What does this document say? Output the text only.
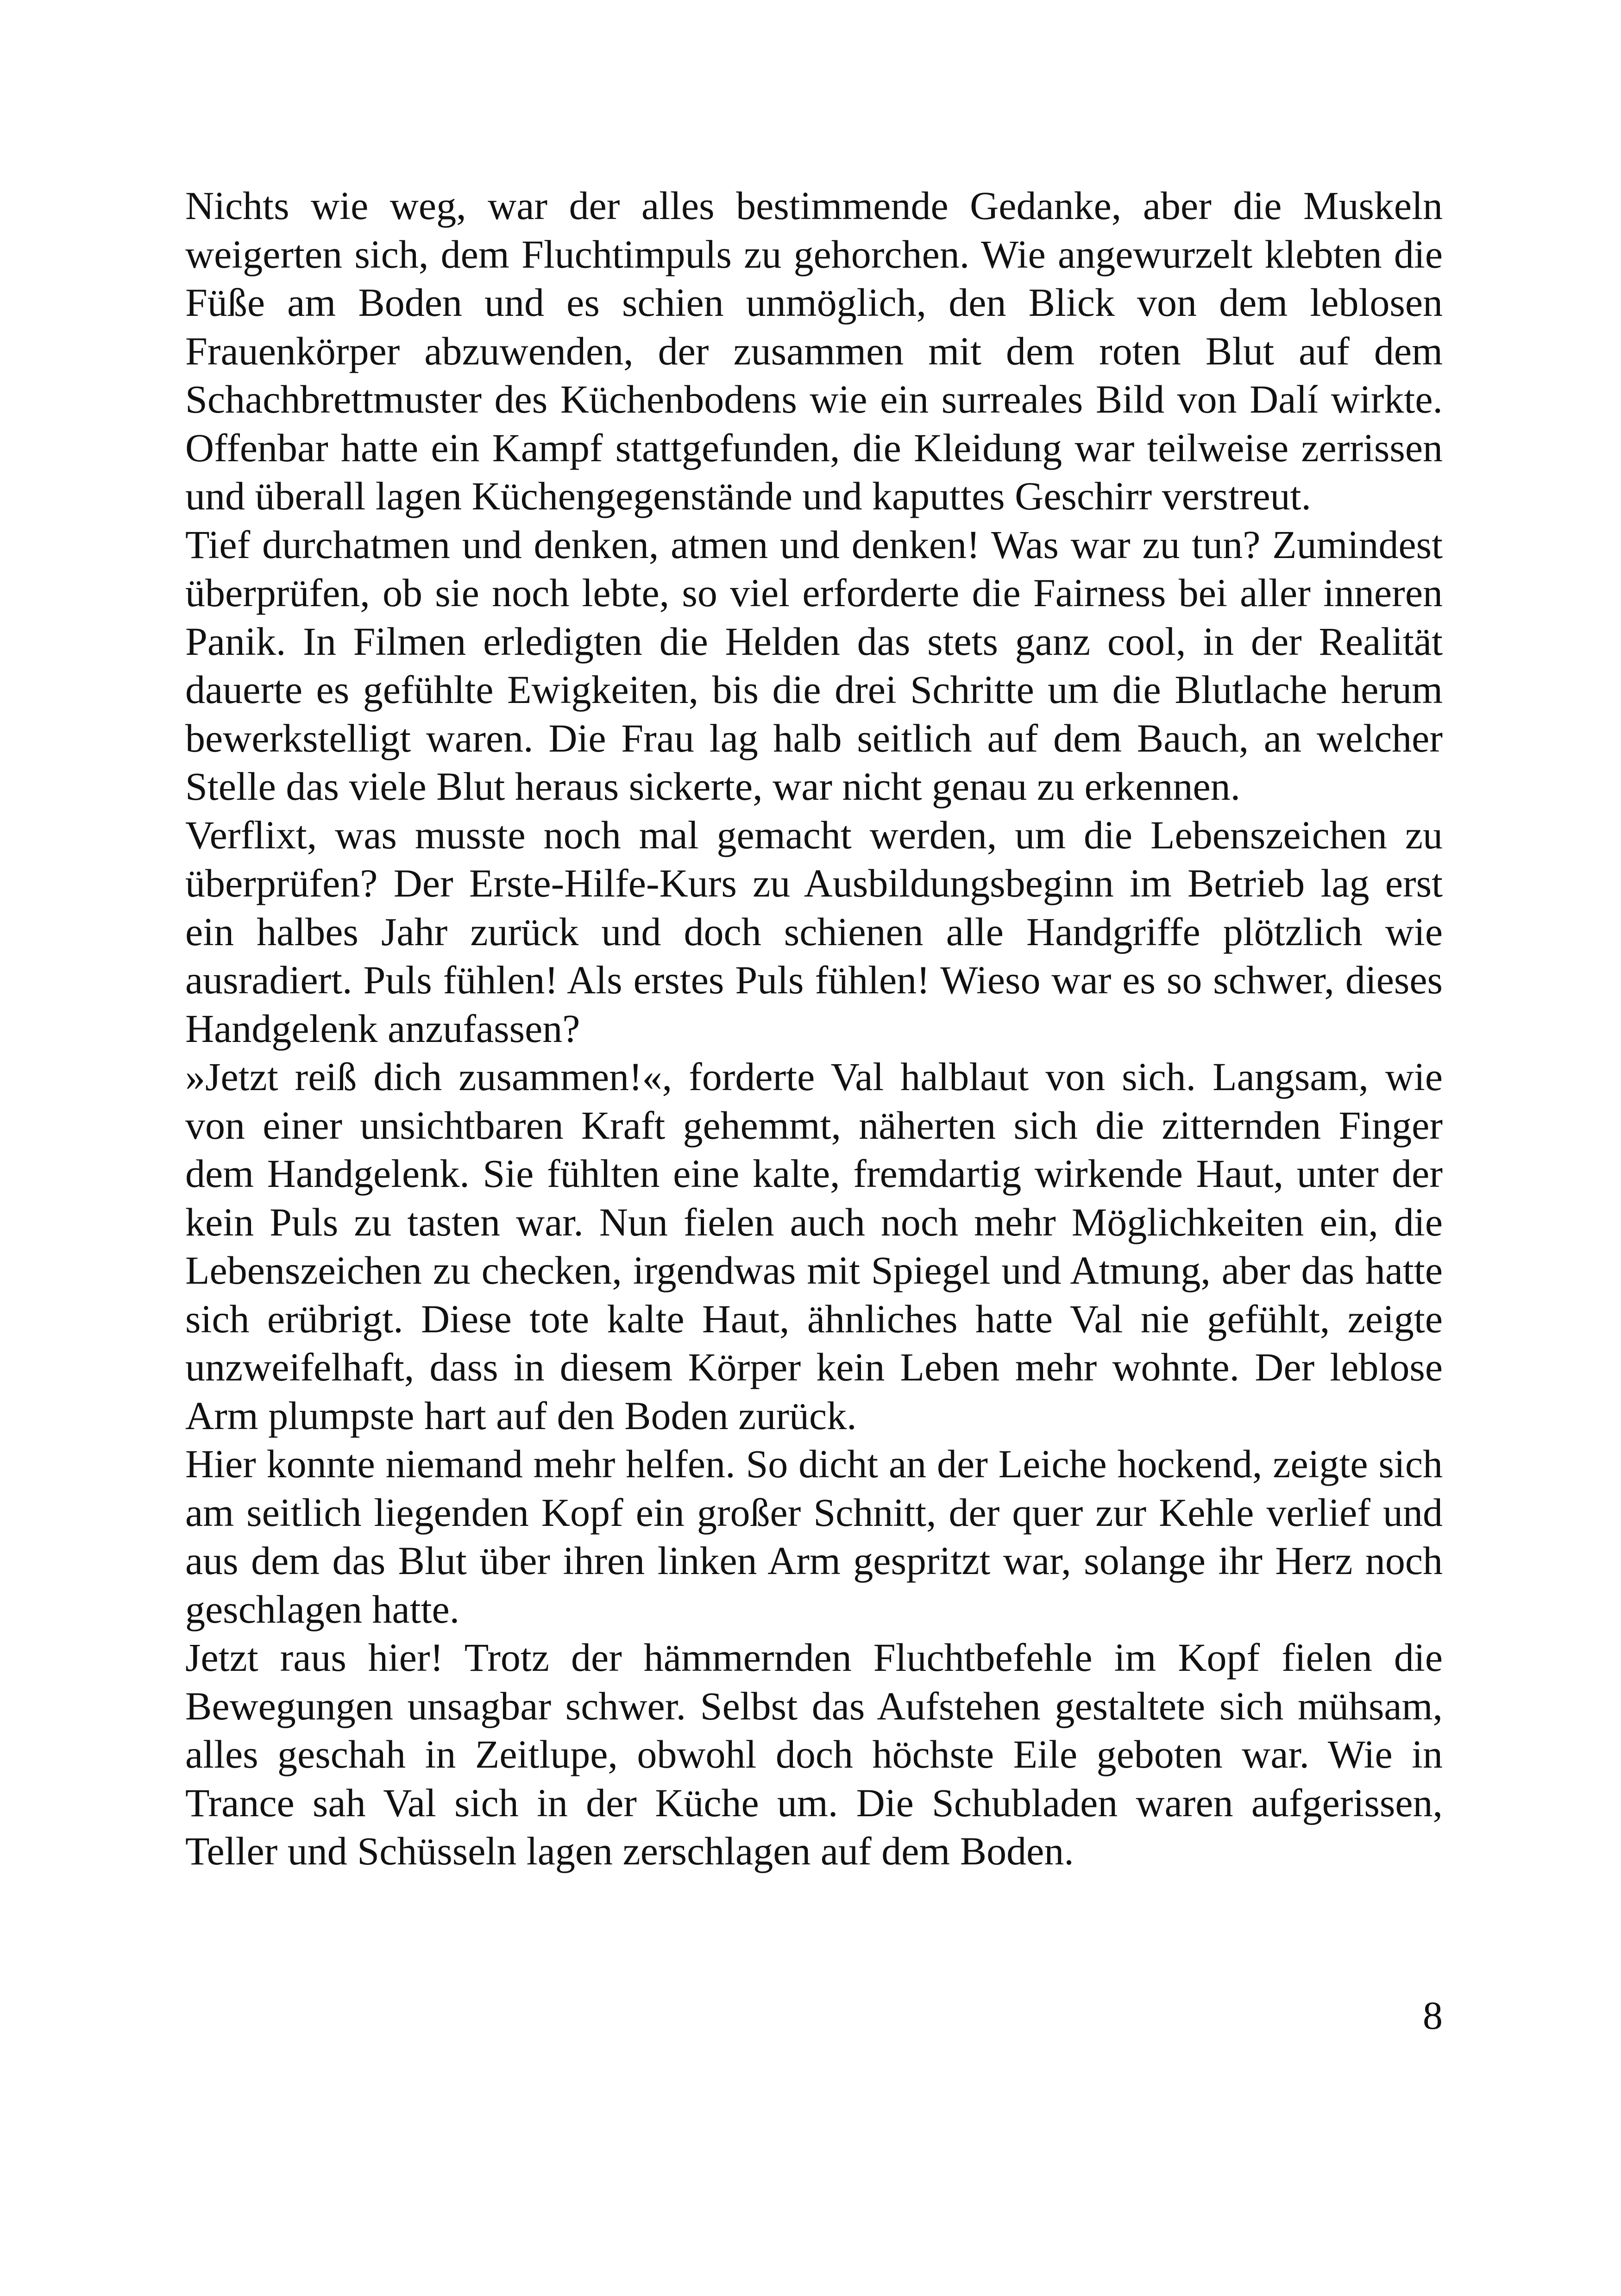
Nichts wie weg, war der alles bestimmende Gedanke, aber die Muskeln weigerten sich, dem Fluchtimpuls zu gehorchen. Wie angewurzelt klebten die Füße am Boden und es schien unmöglich, den Blick von dem leblosen Frauenkörper abzuwenden, der zusammen mit dem roten Blut auf dem Schachbrettmuster des Küchenbodens wie ein surreales Bild von Dalí wirkte. Offenbar hatte ein Kampf stattgefunden, die Kleidung war teilweise zerrissen und überall lagen Küchengegenstände und kaputtes Geschirr verstreut.

Tief durchatmen und denken, atmen und denken! Was war zu tun? Zumindest überprüfen, ob sie noch lebte, so viel erforderte die Fairness bei aller inneren Panik. In Filmen erledigten die Helden das stets ganz cool, in der Realität dauerte es gefühlte Ewigkeiten, bis die drei Schritte um die Blutlache herum bewerkstelligt waren. Die Frau lag halb seitlich auf dem Bauch, an welcher Stelle das viele Blut heraus sickerte, war nicht genau zu erkennen.

Verflixt, was musste noch mal gemacht werden, um die Lebenszeichen zu überprüfen? Der Erste-Hilfe-Kurs zu Ausbildungsbeginn im Betrieb lag erst ein halbes Jahr zurück und doch schienen alle Handgriffe plötzlich wie ausradiert. Puls fühlen! Als erstes Puls fühlen! Wieso war es so schwer, dieses Handgelenk anzufassen?

»Jetzt reiß dich zusammen!«, forderte Val halblaut von sich. Langsam, wie von einer unsichtbaren Kraft gehemmt, näherten sich die zitternden Finger dem Handgelenk. Sie fühlten eine kalte, fremdartig wirkende Haut, unter der kein Puls zu tasten war. Nun fielen auch noch mehr Möglichkeiten ein, die Lebenszeichen zu checken, irgendwas mit Spiegel und Atmung, aber das hatte sich erübrigt. Diese tote kalte Haut, ähnliches hatte Val nie gefühlt, zeigte unzweifelhaft, dass in diesem Körper kein Leben mehr wohnte. Der leblose Arm plumpste hart auf den Boden zurück.

Hier konnte niemand mehr helfen. So dicht an der Leiche hockend, zeigte sich am seitlich liegenden Kopf ein großer Schnitt, der quer zur Kehle verlief und aus dem das Blut über ihren linken Arm gespritzt war, solange ihr Herz noch geschlagen hatte.

Jetzt raus hier! Trotz der hämmernden Fluchtbefehle im Kopf fielen die Bewegungen unsagbar schwer. Selbst das Aufstehen gestaltete sich mühsam, alles geschah in Zeitlupe, obwohl doch höchste Eile geboten war. Wie in Trance sah Val sich in der Küche um. Die Schubladen waren aufgerissen, Teller und Schüsseln lagen zerschlagen auf dem Boden.

8
